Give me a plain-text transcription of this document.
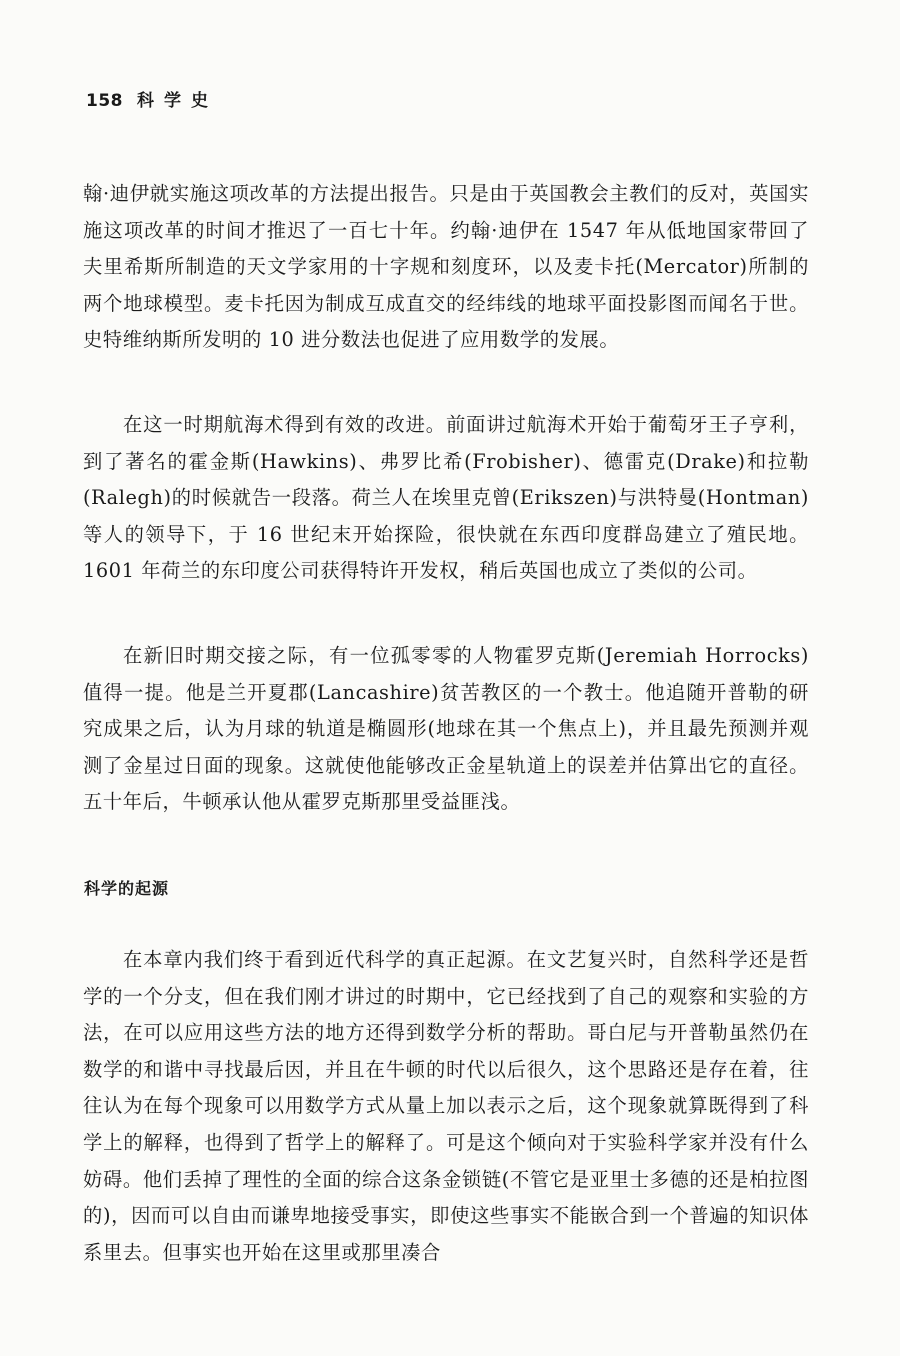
158 科学史

翰·迪伊就实施这项改革的方法提出报告。只是由于英国教会主教们的反对，英国实施这项改革的时间才推迟了一百七十年。约翰·迪伊在 1547 年从低地国家带回了夫里希斯所制造的天文学家用的十字规和刻度环，以及麦卡托(Mercator)所制的两个地球模型。麦卡托因为制成互成直交的经纬线的地球平面投影图而闻名于世。史特维纳斯所发明的 10 进分数法也促进了应用数学的发展。

在这一时期航海术得到有效的改进。前面讲过航海术开始于葡萄牙王子亨利，到了著名的霍金斯(Hawkins)、弗罗比希(Frobisher)、德雷克(Drake)和拉勒(Ralegh)的时候就告一段落。荷兰人在埃里克曾(Erikszen)与洪特曼(Hontman)等人的领导下，于 16 世纪末开始探险，很快就在东西印度群岛建立了殖民地。1601 年荷兰的东印度公司获得特许开发权，稍后英国也成立了类似的公司。

在新旧时期交接之际，有一位孤零零的人物霍罗克斯(Jeremiah Horrocks)值得一提。他是兰开夏郡(Lancashire)贫苦教区的一个教士。他追随开普勒的研究成果之后，认为月球的轨道是椭圆形(地球在其一个焦点上)，并且最先预测并观测了金星过日面的现象。这就使他能够改正金星轨道上的误差并估算出它的直径。五十年后，牛顿承认他从霍罗克斯那里受益匪浅。

科学的起源

在本章内我们终于看到近代科学的真正起源。在文艺复兴时，自然科学还是哲学的一个分支，但在我们刚才讲过的时期中，它已经找到了自己的观察和实验的方法，在可以应用这些方法的地方还得到数学分析的帮助。哥白尼与开普勒虽然仍在数学的和谐中寻找最后因，并且在牛顿的时代以后很久，这个思路还是存在着，往往认为在每个现象可以用数学方式从量上加以表示之后，这个现象就算既得到了科学上的解释，也得到了哲学上的解释了。可是这个倾向对于实验科学家并没有什么妨碍。他们丢掉了理性的全面的综合这条金锁链(不管它是亚里士多德的还是柏拉图的)，因而可以自由而谦卑地接受事实，即使这些事实不能嵌合到一个普遍的知识体系里去。但事实也开始在这里或那里凑合
